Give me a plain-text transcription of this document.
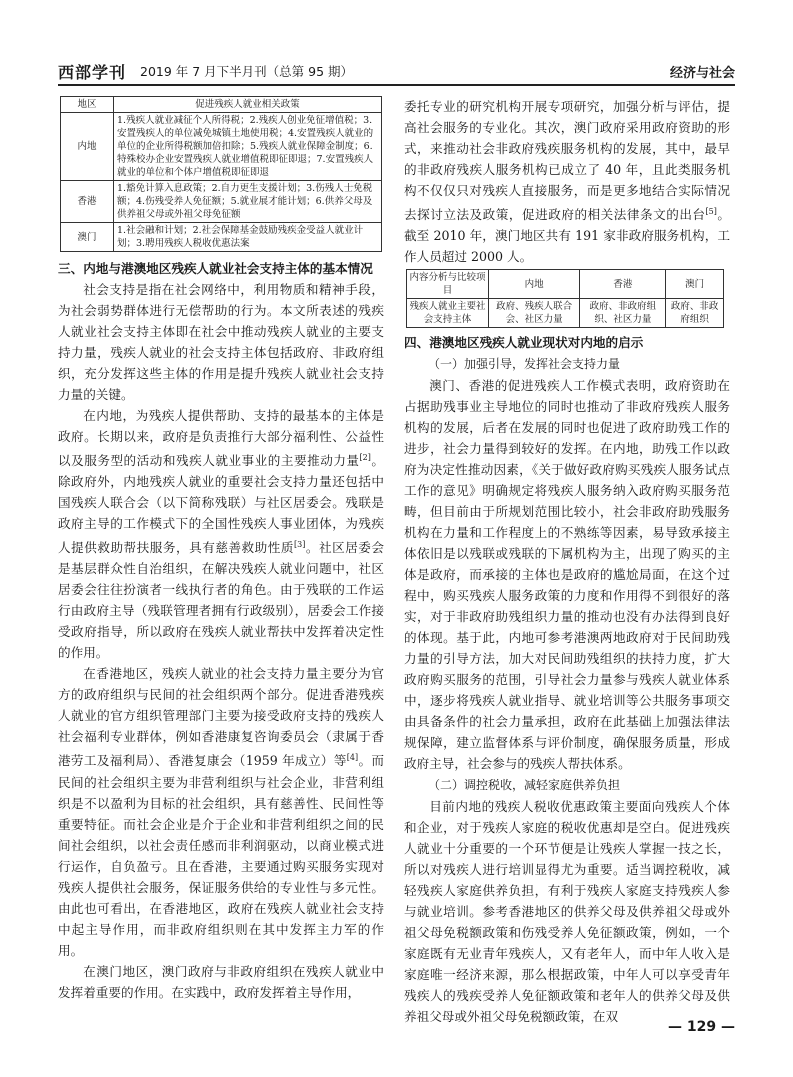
西部学刊 2019 年 7 月下半月刊（总第 95 期）	经济与社会
地区	促进残疾人就业相关政策
内地	1.残疾人就业减征个人所得税；2.残疾人创业免征增值税；3.安置残疾人的单位减免城镇土地使用税；4.安置残疾人就业的单位的企业所得税额加倍扣除；5.残疾人就业保障金制度；6.特殊校办企业安置残疾人就业增值税即征即退；7.安置残疾人就业的单位和个体户增值税即征即退
香港	1.豁免计算入息政策；2.自力更生支援计划；3.伤残人士免税额；4.伤残受养人免征额；5.就业展才能计划；6.供养父母及供养祖父母或外祖父母免征额
澳门	1.社会融和计划；2.社会保障基金鼓励残疾金受益人就业计划；3.聘用残疾人税收优惠法案
三、内地与港澳地区残疾人就业社会支持主体的基本情况

社会支持是指在社会网络中，利用物质和精神手段，为社会弱势群体进行无偿帮助的行为。本文所表述的残疾人就业社会支持主体即在社会中推动残疾人就业的主要支持力量，残疾人就业的社会支持主体包括政府、非政府组织，充分发挥这些主体的作用是提升残疾人就业社会支持力量的关键。

在内地，为残疾人提供帮助、支持的最基本的主体是政府。长期以来，政府是负责推行大部分福利性、公益性以及服务型的活动和残疾人就业事业的主要推动力量[2]。除政府外，内地残疾人就业的重要社会支持力量还包括中国残疾人联合会（以下简称残联）与社区居委会。残联是政府主导的工作模式下的全国性残疾人事业团体，为残疾人提供救助帮扶服务，具有慈善救助性质[3]。社区居委会是基层群众性自治组织，在解决残疾人就业问题中，社区居委会往往扮演者一线执行者的角色。由于残联的工作运行由政府主导（残联管理者拥有行政级别），居委会工作接受政府指导，所以政府在残疾人就业帮扶中发挥着决定性的作用。

在香港地区，残疾人就业的社会支持力量主要分为官方的政府组织与民间的社会组织两个部分。促进香港残疾人就业的官方组织管理部门主要为接受政府支持的残疾人社会福利专业群体，例如香港康复咨询委员会（隶属于香港劳工及福利局）、香港复康会（1959 年成立）等[4]。而民间的社会组织主要为非营利组织与社会企业，非营利组织是不以盈利为目标的社会组织，具有慈善性、民间性等重要特征。而社会企业是介于企业和非营利组织之间的民间社会组织，以社会责任感而非利润驱动，以商业模式进行运作，自负盈亏。且在香港，主要通过购买服务实现对残疾人提供社会服务，保证服务供给的专业性与多元性。由此也可看出，在香港地区，政府在残疾人就业社会支持中起主导作用，而非政府组织则在其中发挥主力军的作用。

在澳门地区，澳门政府与非政府组织在残疾人就业中发挥着重要的作用。在实践中，政府发挥着主导作用，

委托专业的研究机构开展专项研究，加强分析与评估，提高社会服务的专业化。其次，澳门政府采用政府资助的形式，来推动社会非政府残疾服务机构的发展，其中，最早的非政府残疾人服务机构已成立了 40 年，且此类服务机构不仅仅只对残疾人直接服务，而是更多地结合实际情况去探讨立法及政策，促进政府的相关法律条文的出台[5]。截至 2010 年，澳门地区共有 191 家非政府服务机构，工作人员超过 2000 人。

内容分析与比较项目	内地	香港	澳门
残疾人就业主要社会支持主体	政府、残疾人联合会、社区力量	政府、非政府组织、社区力量	政府、非政府组织
四、港澳地区残疾人就业现状对内地的启示
（一）加强引导，发挥社会支持力量

澳门、香港的促进残疾人工作模式表明，政府资助在占据助残事业主导地位的同时也推动了非政府残疾人服务机构的发展，后者在发展的同时也促进了政府助残工作的进步，社会力量得到较好的发挥。在内地，助残工作以政府为决定性推动因素，《关于做好政府购买残疾人服务试点工作的意见》明确规定将残疾人服务纳入政府购买服务范畴，但目前由于所规划范围比较小，社会非政府助残服务机构在力量和工作程度上的不熟练等因素，易导致承接主体依旧是以残联或残联的下属机构为主，出现了购买的主体是政府，而承接的主体也是政府的尴尬局面，在这个过程中，购买残疾人服务政策的力度和作用得不到很好的落实，对于非政府助残组织力量的推动也没有办法得到良好的体现。基于此，内地可参考港澳两地政府对于民间助残力量的引导方法，加大对民间助残组织的扶持力度，扩大政府购买服务的范围，引导社会力量参与残疾人就业体系中，逐步将残疾人就业指导、就业培训等公共服务事项交由具备条件的社会力量承担，政府在此基础上加强法律法规保障，建立监督体系与评价制度，确保服务质量，形成政府主导，社会参与的残疾人帮扶体系。

（二）调控税收，减轻家庭供养负担

目前内地的残疾人税收优惠政策主要面向残疾人个体和企业，对于残疾人家庭的税收优惠却是空白。促进残疾人就业十分重要的一个环节便是让残疾人掌握一技之长，所以对残疾人进行培训显得尤为重要。适当调控税收，减轻残疾人家庭供养负担，有利于残疾人家庭支持残疾人参与就业培训。参考香港地区的供养父母及供养祖父母或外祖父母免税额政策和伤残受养人免征额政策，例如，一个家庭既有无业青年残疾人，又有老年人，而中年人收入是家庭唯一经济来源，那么根据政策，中年人可以享受青年残疾人的残疾受养人免征额政策和老年人的供养父母及供养祖父母或外祖父母免税额政策，在双

— 129 —
